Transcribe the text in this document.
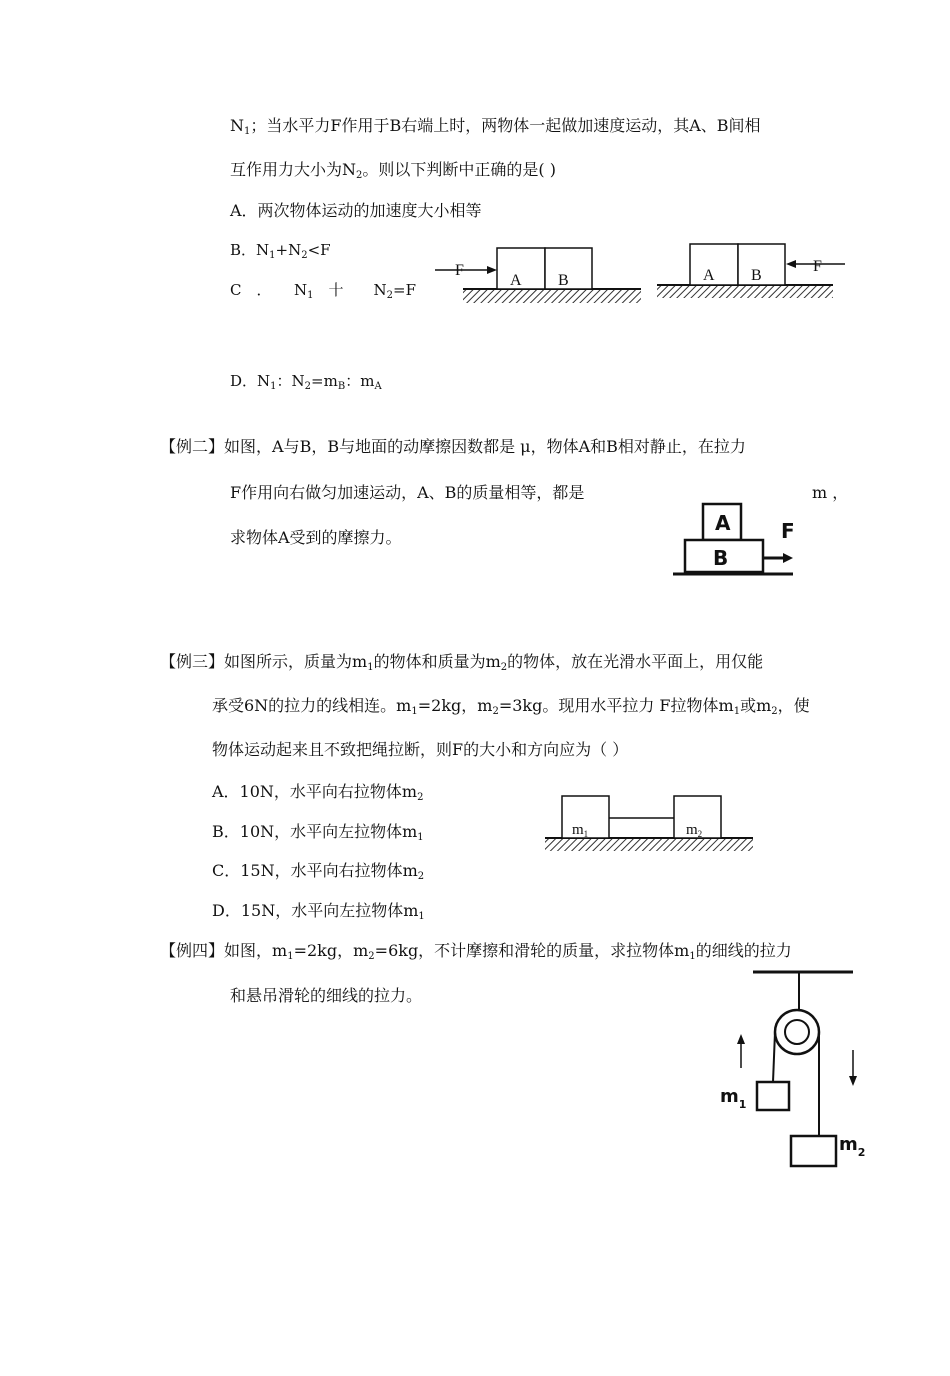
$N_1$；当水平力F作用于B右端上时，两物体一起做加速度运动，其A、B间相
互作用力大小为$N_2$。则以下判断中正确的是( )
A．两次物体运动的加速度大小相等
B．$N_1+N_2<F$
C　．　　$N_1$　十　　$N_2=F$
D．$N_1$：$N_2=m_B$：$m_A$
F
A B
F
A B
【例二】如图，A与B，B与地面的动摩擦因数都是 μ，物体A和B相对静止，在拉力
F作用向右做匀加速运动，A、B的质量相等，都是	m ，
求物体A受到的摩擦力。
A
B
F
【例三】如图所示，质量为$m_1$的物体和质量为$m_2$的物体，放在光滑水平面上，用仅能
承受6N的拉力的线相连。$m_1=2kg$，$m_2=3kg$。现用水平拉力 F拉物体$m_1$或$m_2$，使
物体运动起来且不致把绳拉断，则F的大小和方向应为（ ）
A．10N，水平向右拉物体$m_2$
B．10N，水平向左拉物体$m_1$
C．15N，水平向右拉物体$m_2$
D．15N，水平向左拉物体$m_1$
$m_1$	$m_2$
【例四】如图，$m_1=2kg$，$m_2=6kg$，不计摩擦和滑轮的质量，求拉物体$m_1$的细线的拉力
和悬吊滑轮的细线的拉力。
$m_1$
$m_2$
